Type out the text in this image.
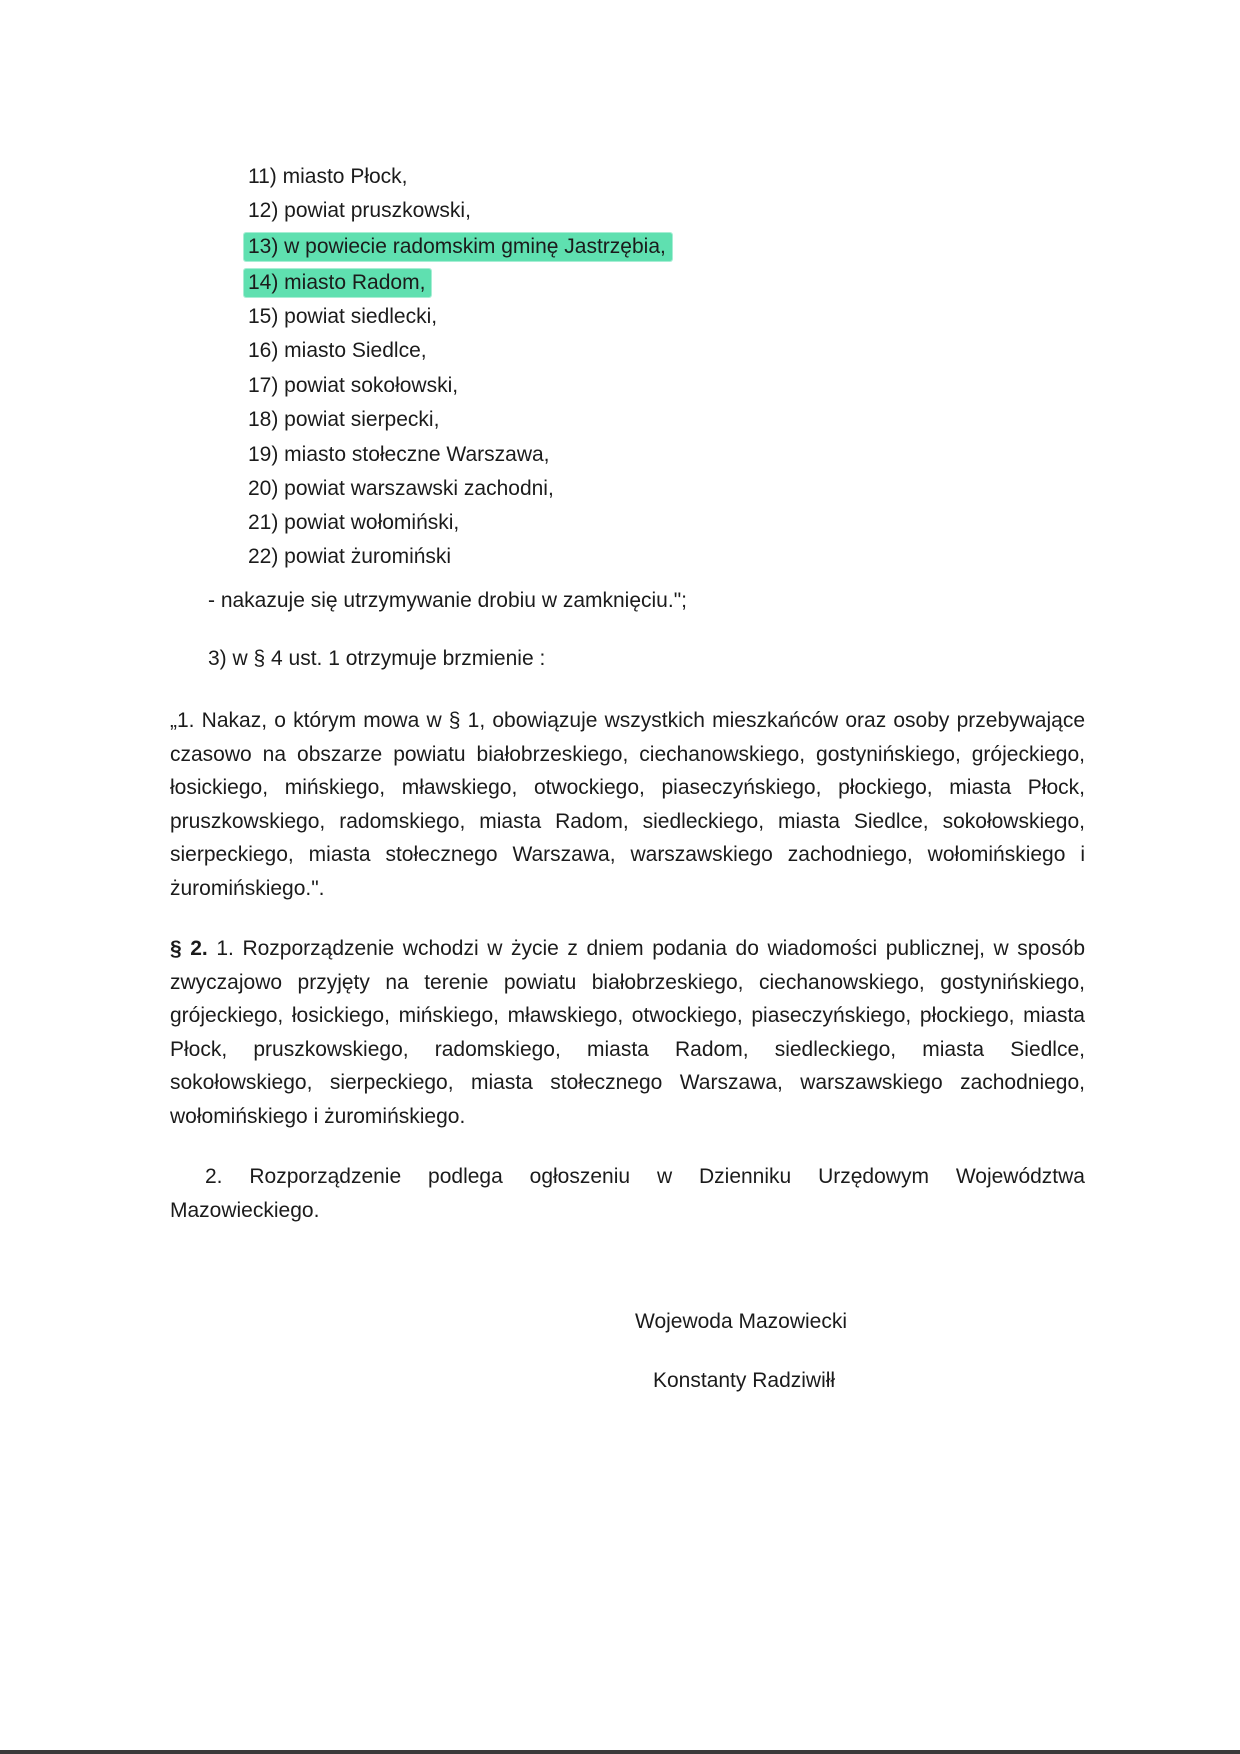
11) miasto Płock,
12) powiat pruszkowski,
13) w powiecie radomskim gminę Jastrzębia,
14) miasto Radom,
15) powiat siedlecki,
16) miasto Siedlce,
17) powiat sokołowski,
18) powiat sierpecki,
19) miasto stołeczne Warszawa,
20) powiat warszawski zachodni,
21) powiat wołomiński,
22) powiat żuromiński
- nakazuje się utrzymywanie drobiu w zamknięciu.";
3) w § 4 ust. 1 otrzymuje brzmienie :
„1. Nakaz, o którym mowa w § 1, obowiązuje wszystkich mieszkańców oraz osoby przebywające czasowo na obszarze powiatu białobrzeskiego, ciechanowskiego, gostynińskiego, grójeckiego, łosickiego, mińskiego, mławskiego, otwockiego, piaseczyńskiego, płockiego, miasta Płock, pruszkowskiego, radomskiego, miasta Radom, siedleckiego, miasta Siedlce, sokołowskiego, sierpeckiego, miasta stołecznego Warszawa, warszawskiego zachodniego, wołomińskiego i żuromińskiego.".
§ 2. 1. Rozporządzenie wchodzi w życie z dniem podania do wiadomości publicznej, w sposób zwyczajowo przyjęty na terenie powiatu białobrzeskiego, ciechanowskiego, gostynińskiego, grójeckiego, łosickiego, mińskiego, mławskiego, otwockiego, piaseczyńskiego, płockiego, miasta Płock, pruszkowskiego, radomskiego, miasta Radom, siedleckiego, miasta Siedlce, sokołowskiego, sierpeckiego, miasta stołecznego Warszawa, warszawskiego zachodniego, wołomińskiego i żuromińskiego.
2. Rozporządzenie podlega ogłoszeniu w Dzienniku Urzędowym Województwa Mazowieckiego.
Wojewoda Mazowiecki
Konstanty Radziwiłł
